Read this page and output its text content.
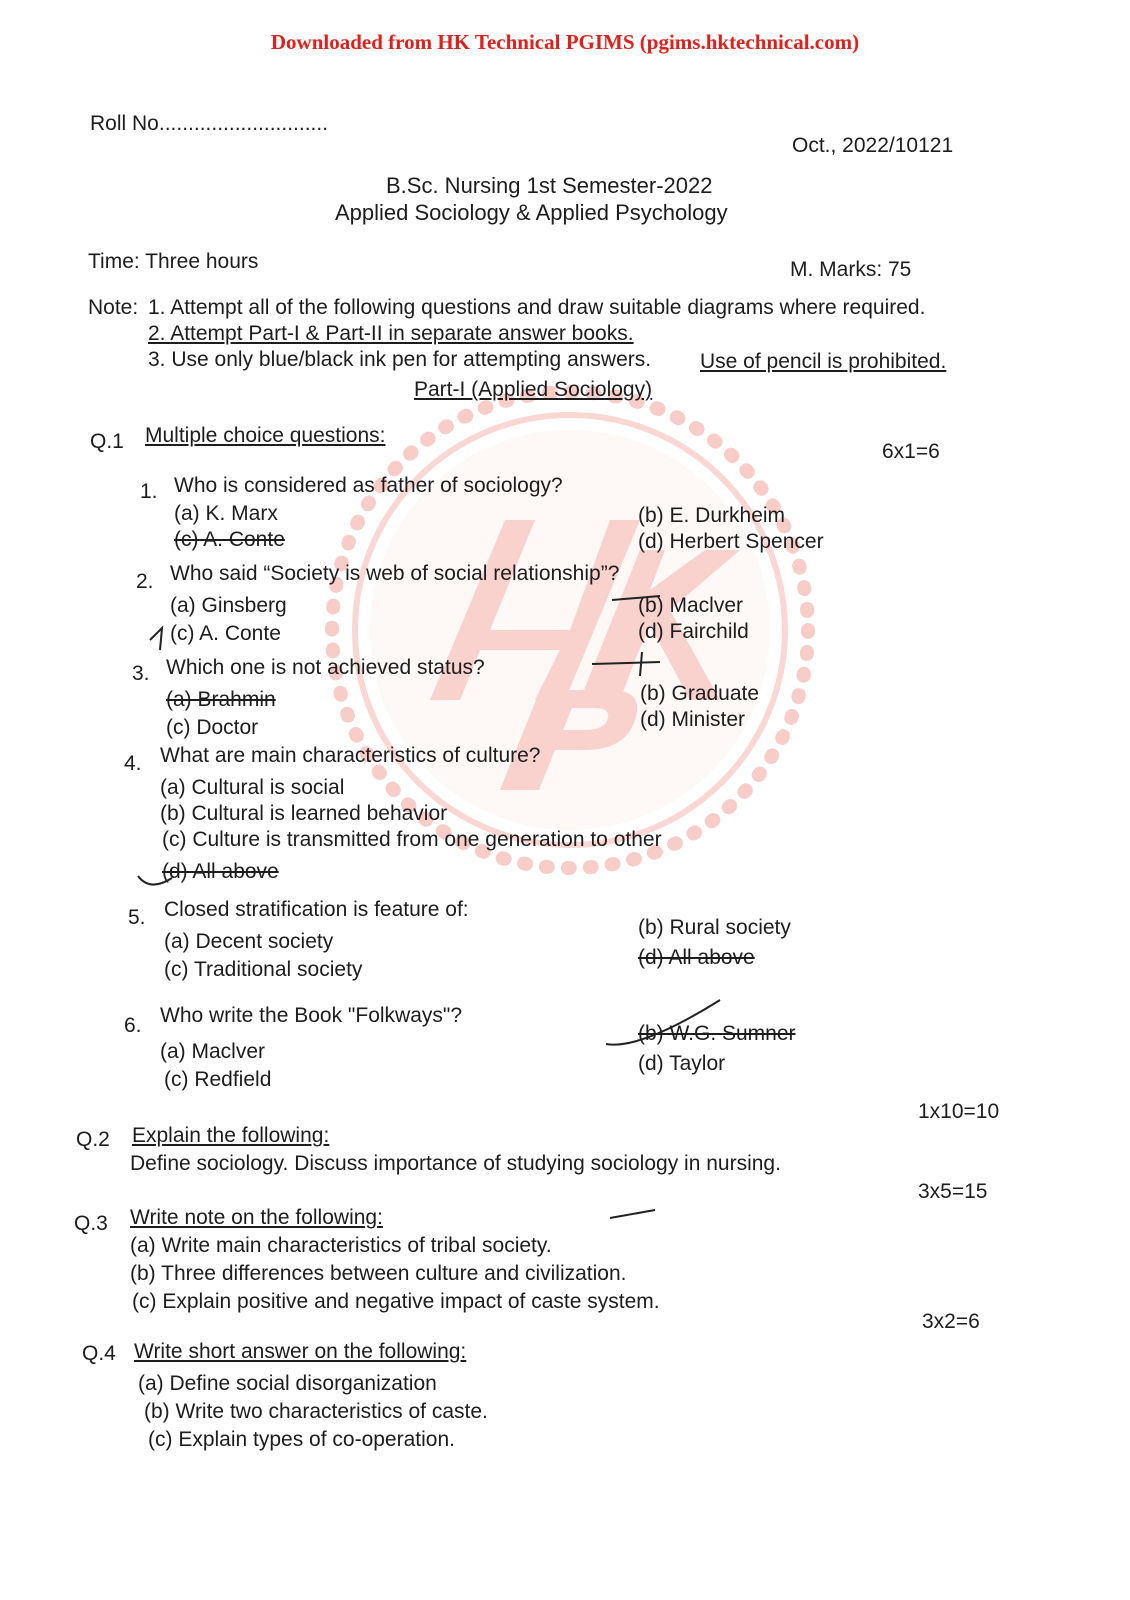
Downloaded from HK Technical PGIMS (pgims.hktechnical.com)
Roll No.............................
Oct., 2022/10121
B.Sc. Nursing 1st Semester-2022
Applied Sociology & Applied Psychology
Time: Three hours	M. Marks: 75
Note: 1. Attempt all of the following questions and draw suitable diagrams where required.
2. Attempt Part-I & Part-II in separate answer books.
3. Use only blue/black ink pen for attempting answers. Use of pencil is prohibited.
Part-I (Applied Sociology)
Q.1 Multiple choice questions:
6x1=6
1. Who is considered as father of sociology?
(a) K. Marx	(b) E. Durkheim
(c) A. Conte	(d) Herbert Spencer
2. Who said “Society is web of social relationship”?
(a) Ginsberg	(b) Maclver
(c) A. Conte	(d) Fairchild
3. Which one is not achieved status?
(a) Brahmin	(b) Graduate
(c) Doctor	(d) Minister
4. What are main characteristics of culture?
(a) Cultural is social
(b) Cultural is learned behavior
(c) Culture is transmitted from one generation to other
(d) All above
5. Closed stratification is feature of:
(a) Decent society
(b) Rural society
(c) Traditional society
(d) All above
6. Who write the Book "Folkways"?
(a) Maclver
(b) W.G. Sumner
(c) Redfield
(d) Taylor
Q.2 Explain the following:
1x10=10
Define sociology. Discuss importance of studying sociology in nursing.
Q.3 Write note on the following:
3x5=15
(a) Write main characteristics of tribal society.
(b) Three differences between culture and civilization.
(c) Explain positive and negative impact of caste system.
Q.4 Write short answer on the following:
3x2=6
(a) Define social disorganization
(b) Write two characteristics of caste.
(c) Explain types of co-operation.
